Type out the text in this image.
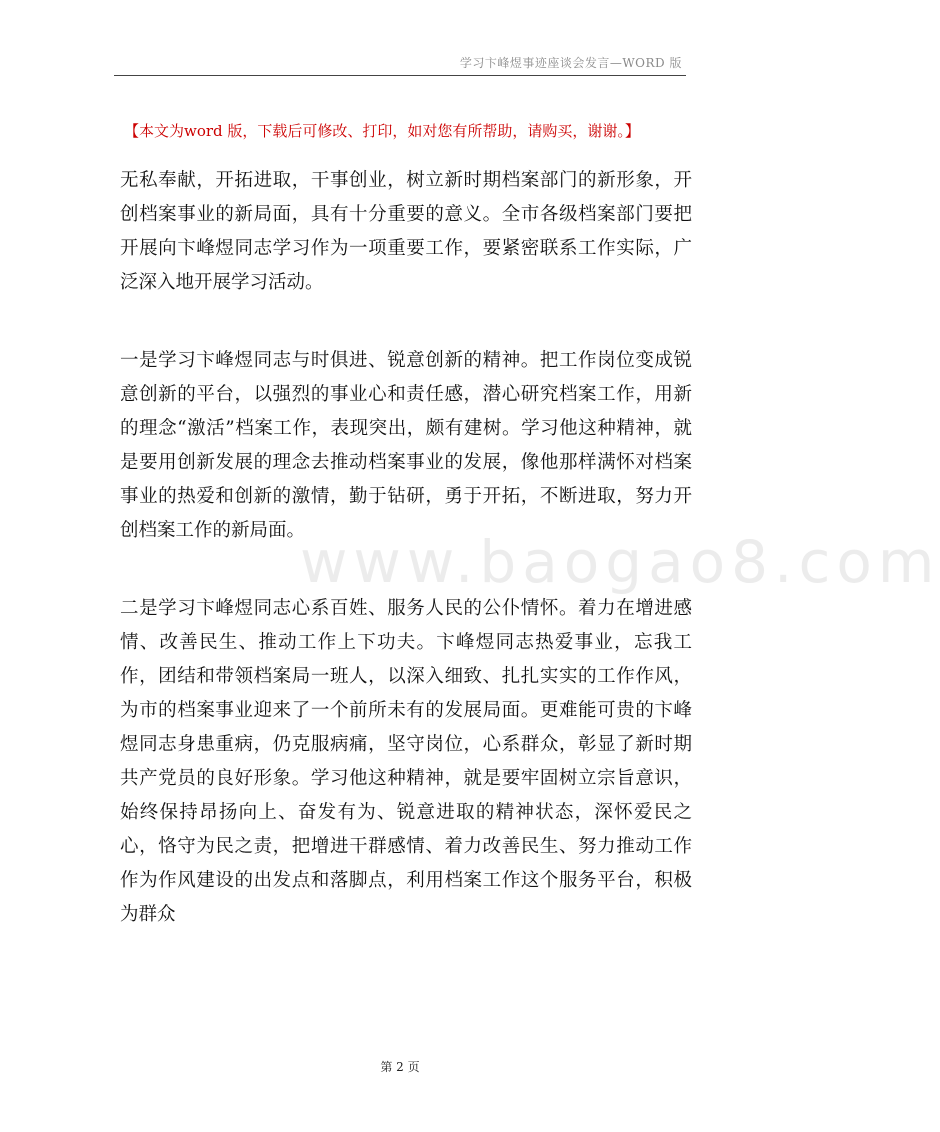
学习卞峰煜事迹座谈会发言—WORD 版
【本文为word 版，下载后可修改、打印，如对您有所帮助，请购买，谢谢。】

无私奉献，开拓进取，干事创业，树立新时期档案部门的新形象，开创档案事业的新局面，具有十分重要的意义。全市各级档案部门要把开展向卞峰煜同志学习作为一项重要工作，要紧密联系工作实际，广泛深入地开展学习活动。

一是学习卞峰煜同志与时俱进、锐意创新的精神。把工作岗位变成锐意创新的平台，以强烈的事业心和责任感，潜心研究档案工作，用新的理念“激活”档案工作，表现突出，颇有建树。学习他这种精神，就是要用创新发展的理念去推动档案事业的发展，像他那样满怀对档案事业的热爱和创新的激情，勤于钻研，勇于开拓，不断进取，努力开创档案工作的新局面。

二是学习卞峰煜同志心系百姓、服务人民的公仆情怀。着力在增进感情、改善民生、推动工作上下功夫。卞峰煜同志热爱事业，忘我工作，团结和带领档案局一班人，以深入细致、扎扎实实的工作作风，为市的档案事业迎来了一个前所未有的发展局面。更难能可贵的卞峰煜同志身患重病，仍克服病痛，坚守岗位，心系群众，彰显了新时期共产党员的良好形象。学习他这种精神，就是要牢固树立宗旨意识，始终保持昂扬向上、奋发有为、锐意进取的精神状态，深怀爱民之心，恪守为民之责，把增进干群感情、着力改善民生、努力推动工作作为作风建设的出发点和落脚点，利用档案工作这个服务平台，积极为群众

www.baogao8.com
第 2 页
